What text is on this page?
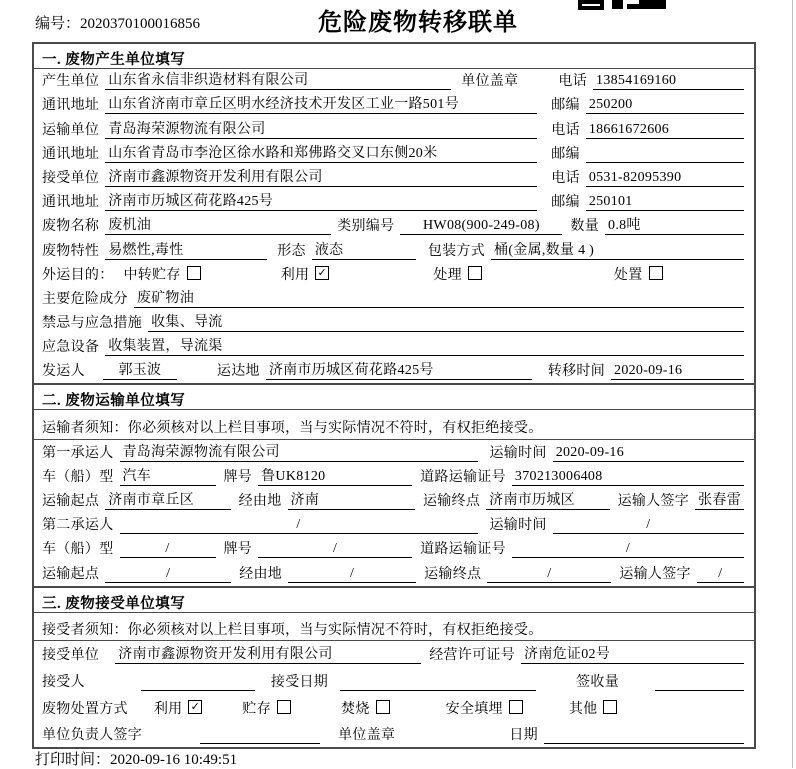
编号：2020370100016856	危险废物转移联单
一. 废物产生单位填写
产生单位 山东省永信非织造材料有限公司	单位盖章	电话 13854169160
通讯地址 山东省济南市章丘区明水经济技术开发区工业一路501号	邮编 250200
运输单位 青岛海荣源物流有限公司	电话 18661672606
通讯地址 山东省青岛市李沧区徐水路和郑佛路交叉口东侧20米	邮编
接受单位 济南市鑫源物资开发利用有限公司	电话 0531-82095390
通讯地址 济南市历城区荷花路425号	邮编 250101
废物名称 废机油	类别编号	HW08(900-249-08)	数量 0.8吨
废物特性 易燃性,毒性	形态 液态	包装方式 桶(金属,数量 4 )
外运目的： 中转贮存	利用 ✓	处理	处置
主要危险成分 废矿物油
禁忌与应急措施 收集、导流
应急设备 收集装置，导流渠
发运人	郭玉波	运达地 济南市历城区荷花路425号	转移时间 2020-09-16
二. 废物运输单位填写
运输者须知：你必须核对以上栏目事项，当与实际情况不符时，有权拒绝接受。
第一承运人 青岛海荣源物流有限公司	运输时间 2020-09-16
车（船）型 汽车	牌号 鲁UK8120	道路运输证号 370213006408
运输起点 济南市章丘区	经由地 济南	运输终点 济南市历城区	运输人签字 张春雷
第二承运人	/	运输时间	/
车（船）型	/	牌号	/	道路运输证号	/
运输起点	/	经由地	/	运输终点	/	运输人签字	/
三. 废物接受单位填写
接受者须知：你必须核对以上栏目事项，当与实际情况不符时，有权拒绝接受。
接受单位	济南市鑫源物资开发利用有限公司	经营许可证号 济南危证02号
接受人	接受日期	签收量
废物处置方式	利用 ✓	贮存	焚烧	安全填埋	其他
单位负责人签字	单位盖章	日期
打印时间：2020-09-16 10:49:51
